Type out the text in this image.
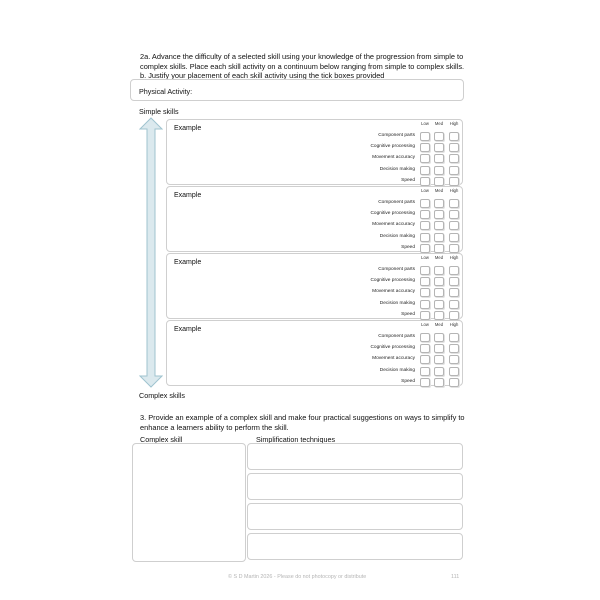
2a. Advance the difficulty of a selected skill using your knowledge of the progression from simple to
complex skills. Place each skill activity on a continuum below ranging from simple to complex skills.
b. Justify your placement of each skill activity using the tick boxes provided
Physical Activity:
Simple skills
Complex skills
Example
Low	Med	High
Component parts
Cognitive processing
Movement accuracy
Decision making
Speed
Example
Low	Med	High
Component parts
Cognitive processing
Movement accuracy
Decision making
Speed
Example
Low	Med	High
Component parts
Cognitive processing
Movement accuracy
Decision making
Speed
Example
Low	Med	High
Component parts
Cognitive processing
Movement accuracy
Decision making
Speed
3. Provide an example of a complex skill and make four practical suggestions on ways to simplify to
enhance a learners ability to perform the skill.
Complex skill	Simplification techniques
© S D Martin 2026 - Please do not photocopy or distribute	111
